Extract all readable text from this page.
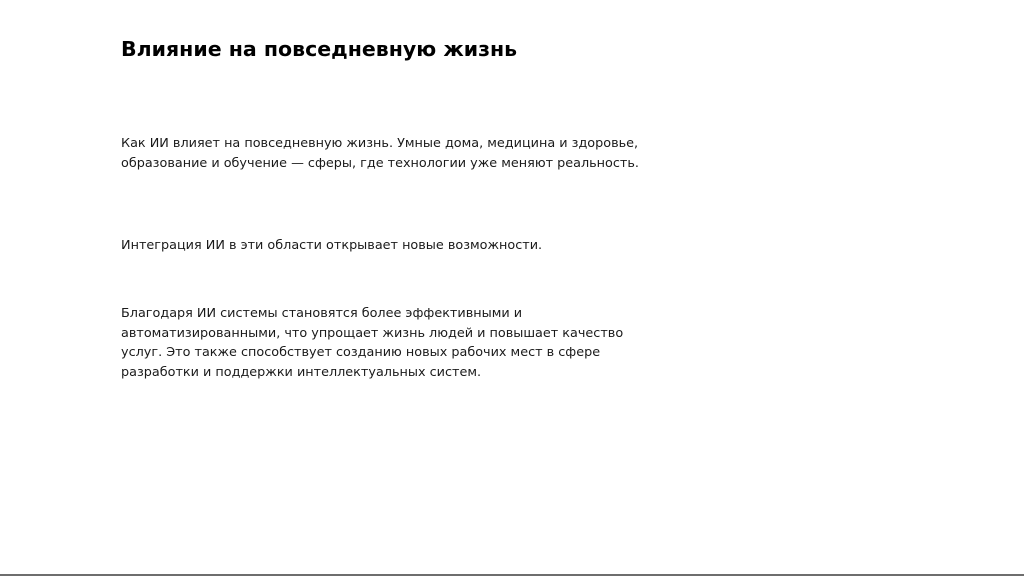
Влияние на повседневную жизнь

Как ИИ влияет на повседневную жизнь. Умные дома, медицина и здоровье, образование и обучение — сферы, где технологии уже меняют реальность.

Интеграция ИИ в эти области открывает новые возможности.

Благодаря ИИ системы становятся более эффективными и автоматизированными, что упрощает жизнь людей и повышает качество услуг. Это также способствует созданию новых рабочих мест в сфере разработки и поддержки интеллектуальных систем.
